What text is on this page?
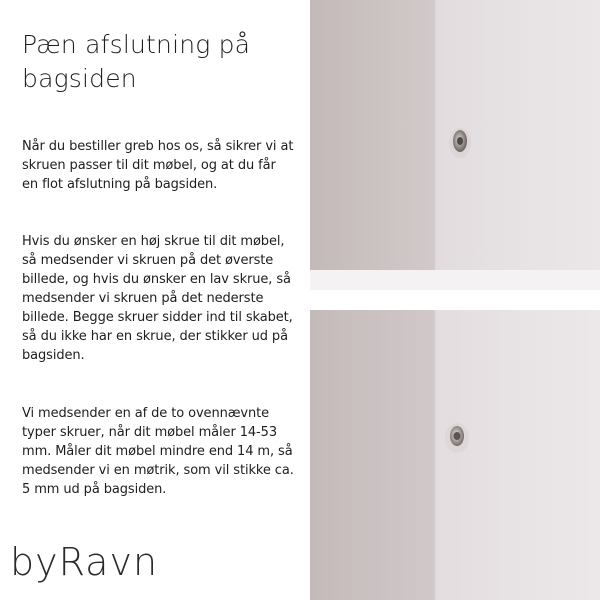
Pæn afslutning på bagsiden

Når du bestiller greb hos os, så sikrer vi at skruen passer til dit møbel, og at du får en flot afslutning på bagsiden.

Hvis du ønsker en høj skrue til dit møbel, så medsender vi skruen på det øverste billede, og hvis du ønsker en lav skrue, så medsender vi skruen på det nederste billede. Begge skruer sidder ind til skabet, så du ikke har en skrue, der stikker ud på bagsiden.

Vi medsender en af de to ovennævnte typer skruer, når dit møbel måler 14-53 mm. Måler dit møbel mindre end 14 m, så medsender vi en møtrik, som vil stikke ca. 5 mm ud på bagsiden.

byRavn
